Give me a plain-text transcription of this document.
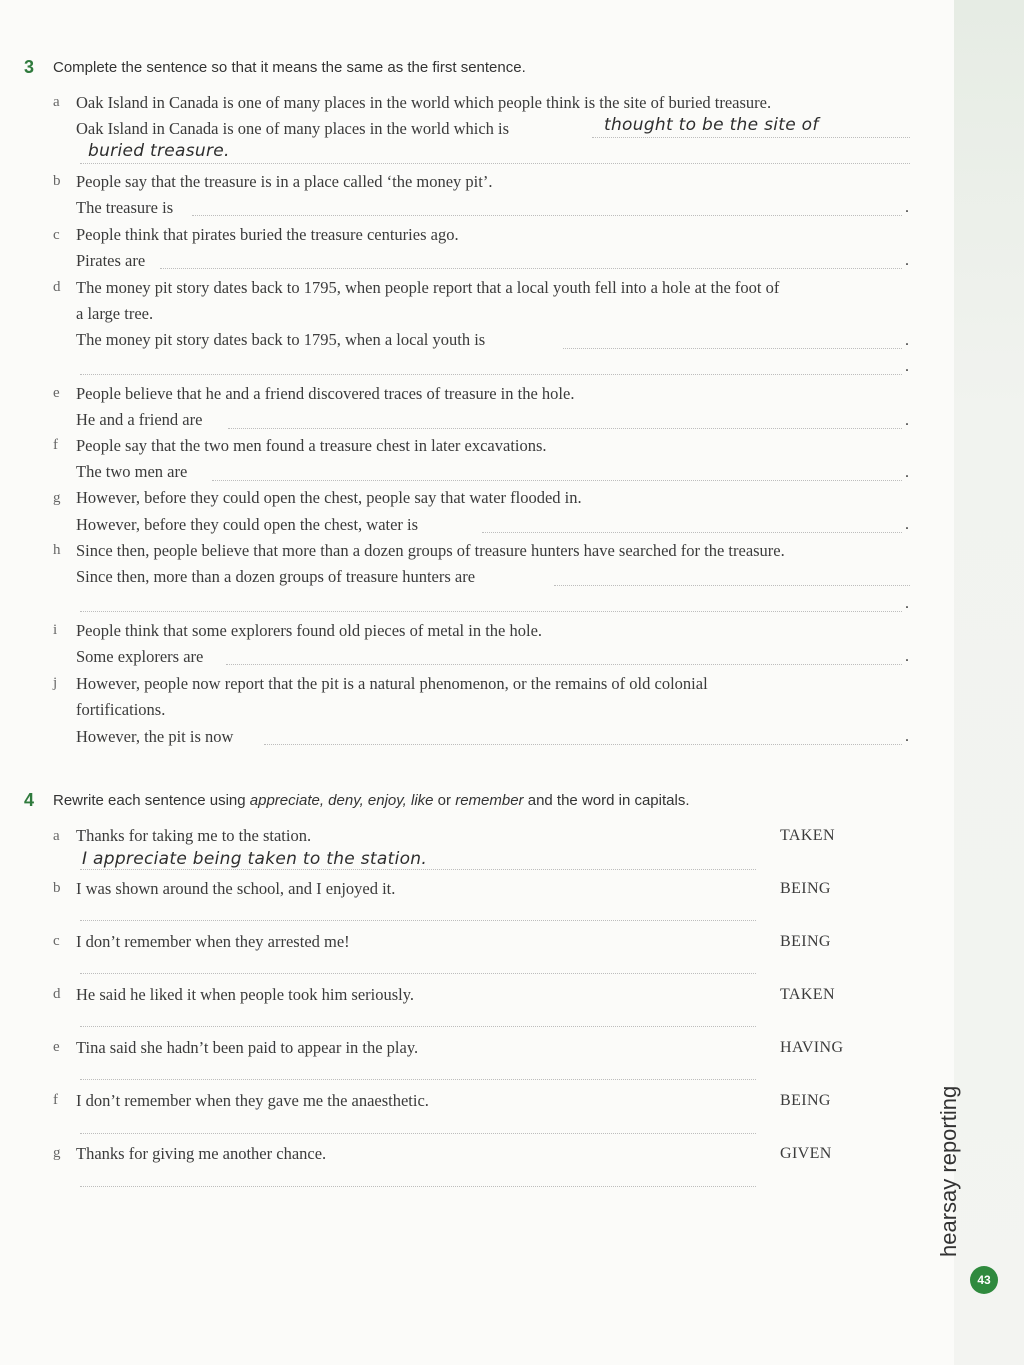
3 Complete the sentence so that it means the same as the first sentence.
a Oak Island in Canada is one of many places in the world which people think is the site of buried treasure.
Oak Island in Canada is one of many places in the world which is	thought to be the site of
buried treasure.
b People say that the treasure is in a place called ‘the money pit’.
The treasure is	.
c People think that pirates buried the treasure centuries ago.
Pirates are	.
d The money pit story dates back to 1795, when people report that a local youth fell into a hole at the foot of
a large tree.
The money pit story dates back to 1795, when a local youth is	.
.
e People believe that he and a friend discovered traces of treasure in the hole.
He and a friend are	.
f People say that the two men found a treasure chest in later excavations.
The two men are	.
g However, before they could open the chest, people say that water flooded in.
However, before they could open the chest, water is	.
h Since then, people believe that more than a dozen groups of treasure hunters have searched for the treasure.
Since then, more than a dozen groups of treasure hunters are
.
i People think that some explorers found old pieces of metal in the hole.
Some explorers are	.
j However, people now report that the pit is a natural phenomenon, or the remains of old colonial
fortifications.
However, the pit is now	.
4 Rewrite each sentence using appreciate, deny, enjoy, like or remember and the word in capitals.
a Thanks for taking me to the station.	TAKEN
I appreciate being taken to the station.
b I was shown around the school, and I enjoyed it.	BEING
c I don’t remember when they arrested me!	BEING
d He said he liked it when people took him seriously.	TAKEN
e Tina said she hadn’t been paid to appear in the play.	HAVING
f I don’t remember when they gave me the anaesthetic.	BEING
g Thanks for giving me another chance.	GIVEN	hearsay reporting
43
